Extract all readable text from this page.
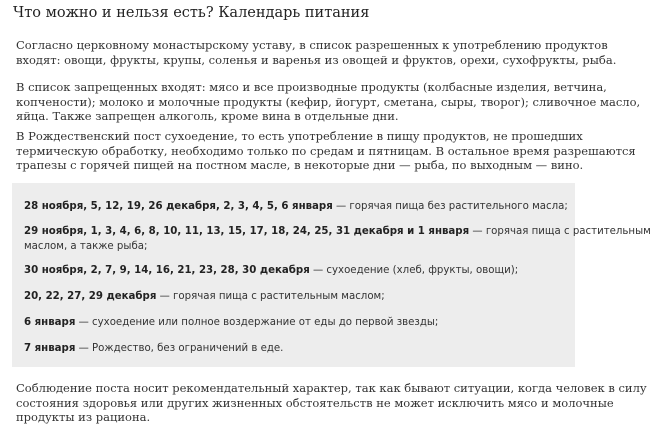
Что можно и нельзя есть? Календарь питания

Согласно церковному монастырскому уставу, в список разрешенных к употреблению продуктов
входят: овощи, фрукты, крупы, соленья и варенья из овощей и фруктов, орехи, сухофрукты, рыба.

В список запрещенных входят: мясо и все производные продукты (колбасные изделия, ветчина,
копчености); молоко и молочные продукты (кефир, йогурт, сметана, сыры, творог); сливочное масло,
яйца. Также запрещен алкоголь, кроме вина в отдельные дни.

В Рождественский пост сухоедение, то есть употребление в пищу продуктов, не прошедших
термическую обработку, необходимо только по средам и пятницам. В остальное время разрешаются
трапезы с горячей пищей на постном масле, в некоторые дни — рыба, по выходным — вино.

28 ноября, 5, 12, 19, 26 декабря, 2, 3, 4, 5, 6 января — горячая пища без растительного масла;
29 ноября, 1, 3, 4, 6, 8, 10, 11, 13, 15, 17, 18, 24, 25, 31 декабря и 1 января — горячая пища с растительным
маслом, а также рыба;
30 ноября, 2, 7, 9, 14, 16, 21, 23, 28, 30 декабря — сухоедение (хлеб, фрукты, овощи);
20, 22, 27, 29 декабря — горячая пища с растительным маслом;
6 января — сухоедение или полное воздержание от еды до первой звезды;
7 января — Рождество, без ограничений в еде.

Соблюдение поста носит рекомендательный характер, так как бывают ситуации, когда человек в силу
состояния здоровья или других жизненных обстоятельств не может исключить мясо и молочные
продукты из рациона.
